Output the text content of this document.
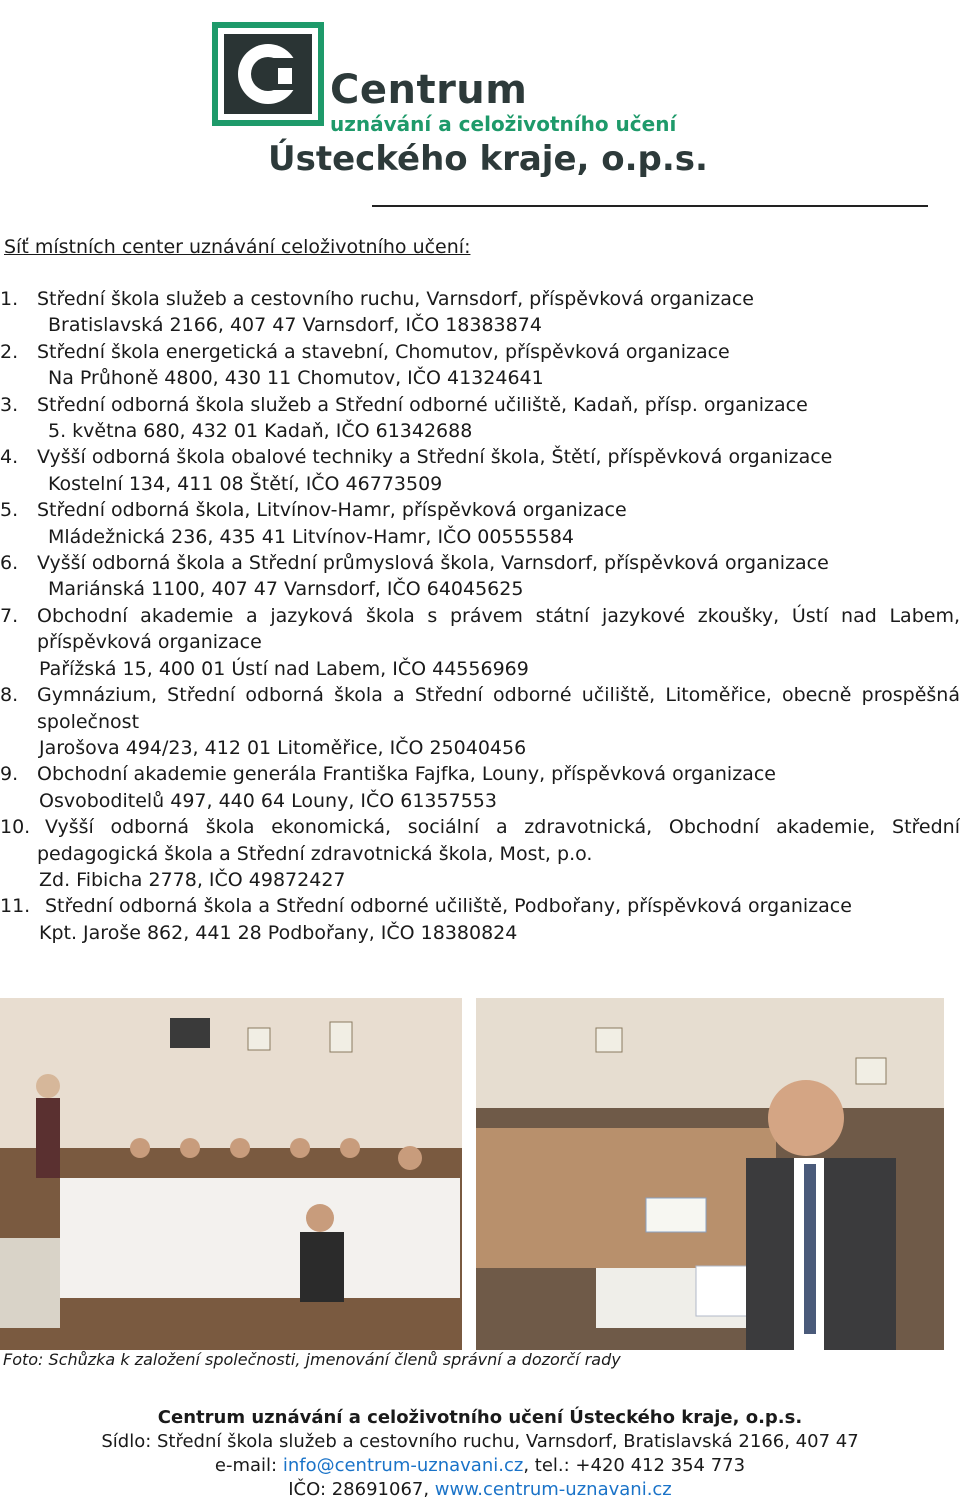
Centrum
uznávání a celoživotního učení
Ústeckého kraje, o.p.s.
Síť místních center uznávání celoživotního učení:
1. Střední škola služeb a cestovního ruchu, Varnsdorf, příspěvková organizace
Bratislavská 2166, 407 47 Varnsdorf, IČO 18383874
2. Střední škola energetická a stavební, Chomutov, příspěvková organizace
Na Průhoně 4800, 430 11 Chomutov, IČO 41324641
3. Střední odborná škola služeb a Střední odborné učiliště, Kadaň, přísp. organizace
5. května 680, 432 01 Kadaň, IČO 61342688
4. Vyšší odborná škola obalové techniky a Střední škola, Štětí, příspěvková organizace
Kostelní 134, 411 08 Štětí, IČO 46773509
5. Střední odborná škola, Litvínov-Hamr, příspěvková organizace
Mládežnická 236, 435 41 Litvínov-Hamr, IČO 00555584
6. Vyšší odborná škola a Střední průmyslová škola, Varnsdorf, příspěvková organizace
Mariánská 1100, 407 47 Varnsdorf, IČO 64045625
7. Obchodní akademie a jazyková škola s právem státní jazykové zkoušky, Ústí nad Labem, příspěvková organizace
Pařížská 15, 400 01 Ústí nad Labem, IČO 44556969
8. Gymnázium, Střední odborná škola a Střední odborné učiliště, Litoměřice, obecně prospěšná společnost
Jarošova 494/23, 412 01 Litoměřice, IČO 25040456
9. Obchodní akademie generála Františka Fajfka, Louny, příspěvková organizace
Osvoboditelů 497, 440 64 Louny, IČO 61357553
10. Vyšší odborná škola ekonomická, sociální a zdravotnická, Obchodní akademie, Střední pedagogická škola a Střední zdravotnická škola, Most, p.o.
Zd. Fibicha 2778, IČO 49872427
11. Střední odborná škola a Střední odborné učiliště, Podbořany, příspěvková organizace
Kpt. Jaroše 862, 441 28 Podbořany, IČO 18380824
Foto: Schůzka k založení společnosti, jmenování členů správní a dozorčí rady
Centrum uznávání a celoživotního učení Ústeckého kraje, o.p.s.
Sídlo: Střední škola služeb a cestovního ruchu, Varnsdorf, Bratislavská 2166, 407 47
e-mail: info@centrum-uznavani.cz, tel.: +420 412 354 773
IČO: 28691067, www.centrum-uznavani.cz
